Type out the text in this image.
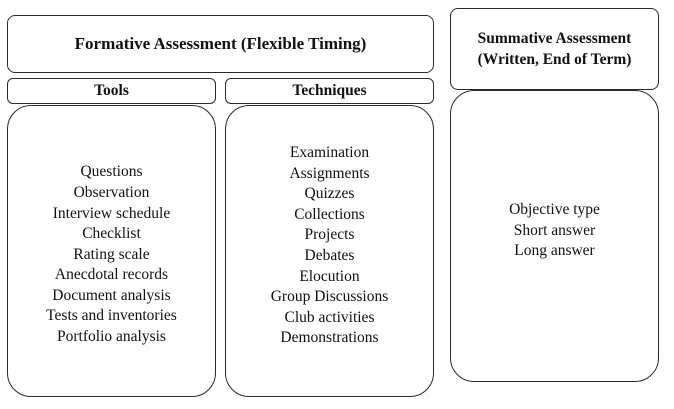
Formative Assessment (Flexible Timing)	Summative Assessment
(Written, End of Term)
Tools	Techniques
Questions
Observation
Interview schedule
Checklist
Rating scale
Anecdotal records
Document analysis
Tests and inventories
Portfolio analysis
Examination
Assignments
Quizzes
Collections
Projects
Debates
Elocution
Group Discussions
Club activities
Demonstrations
Objective type
Short answer
Long answer
